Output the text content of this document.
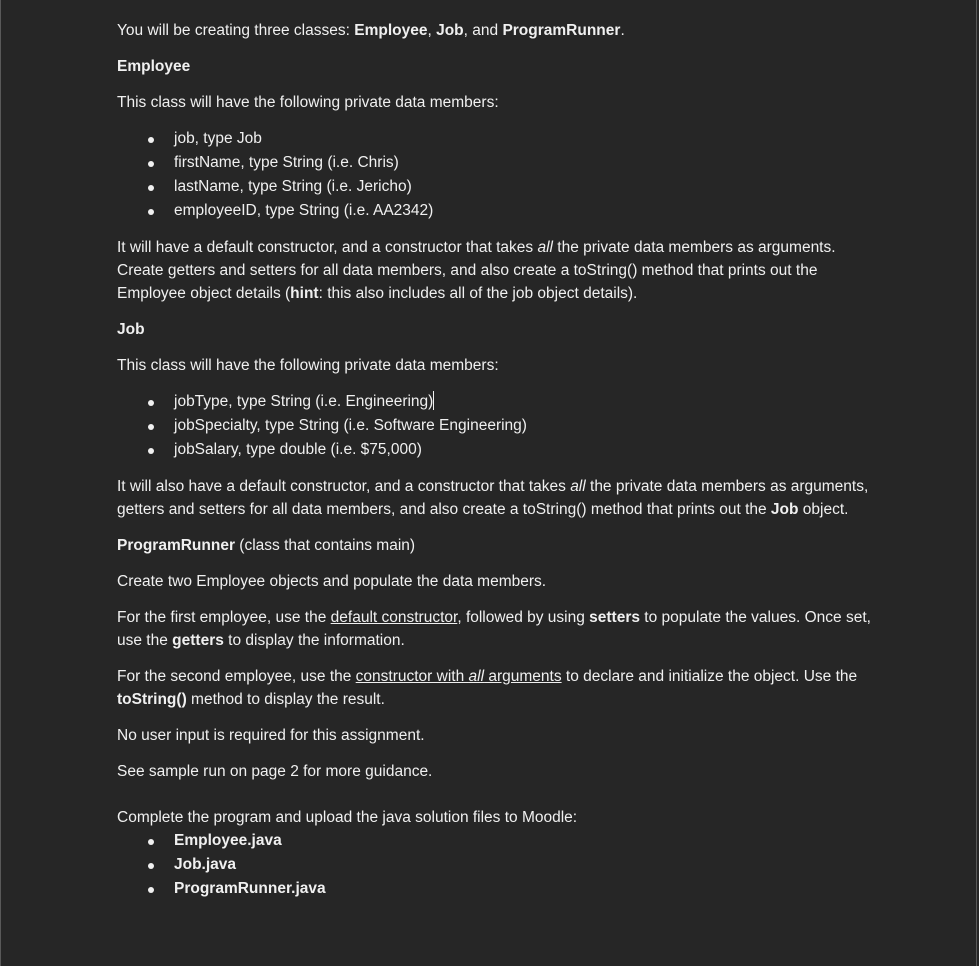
You will be creating three classes: Employee, Job, and ProgramRunner.

Employee

This class will have the following private data members:

job, type Job
firstName, type String (i.e. Chris)
lastName, type String (i.e. Jericho)
employeeID, type String (i.e. AA2342)

It will have a default constructor, and a constructor that takes all the private data members as arguments. Create getters and setters for all data members, and also create a toString() method that prints out the Employee object details (hint: this also includes all of the job object details).

Job

This class will have the following private data members:

jobType, type String (i.e. Engineering)
jobSpecialty, type String (i.e. Software Engineering)
jobSalary, type double (i.e. $75,000)

It will also have a default constructor, and a constructor that takes all the private data members as arguments, getters and setters for all data members, and also create a toString() method that prints out the Job object.

ProgramRunner (class that contains main)

Create two Employee objects and populate the data members.

For the first employee, use the default constructor, followed by using setters to populate the values. Once set, use the getters to display the information.

For the second employee, use the constructor with all arguments to declare and initialize the object. Use the toString() method to display the result.

No user input is required for this assignment.

See sample run on page 2 for more guidance.

Complete the program and upload the java solution files to Moodle:

Employee.java
Job.java
ProgramRunner.java
